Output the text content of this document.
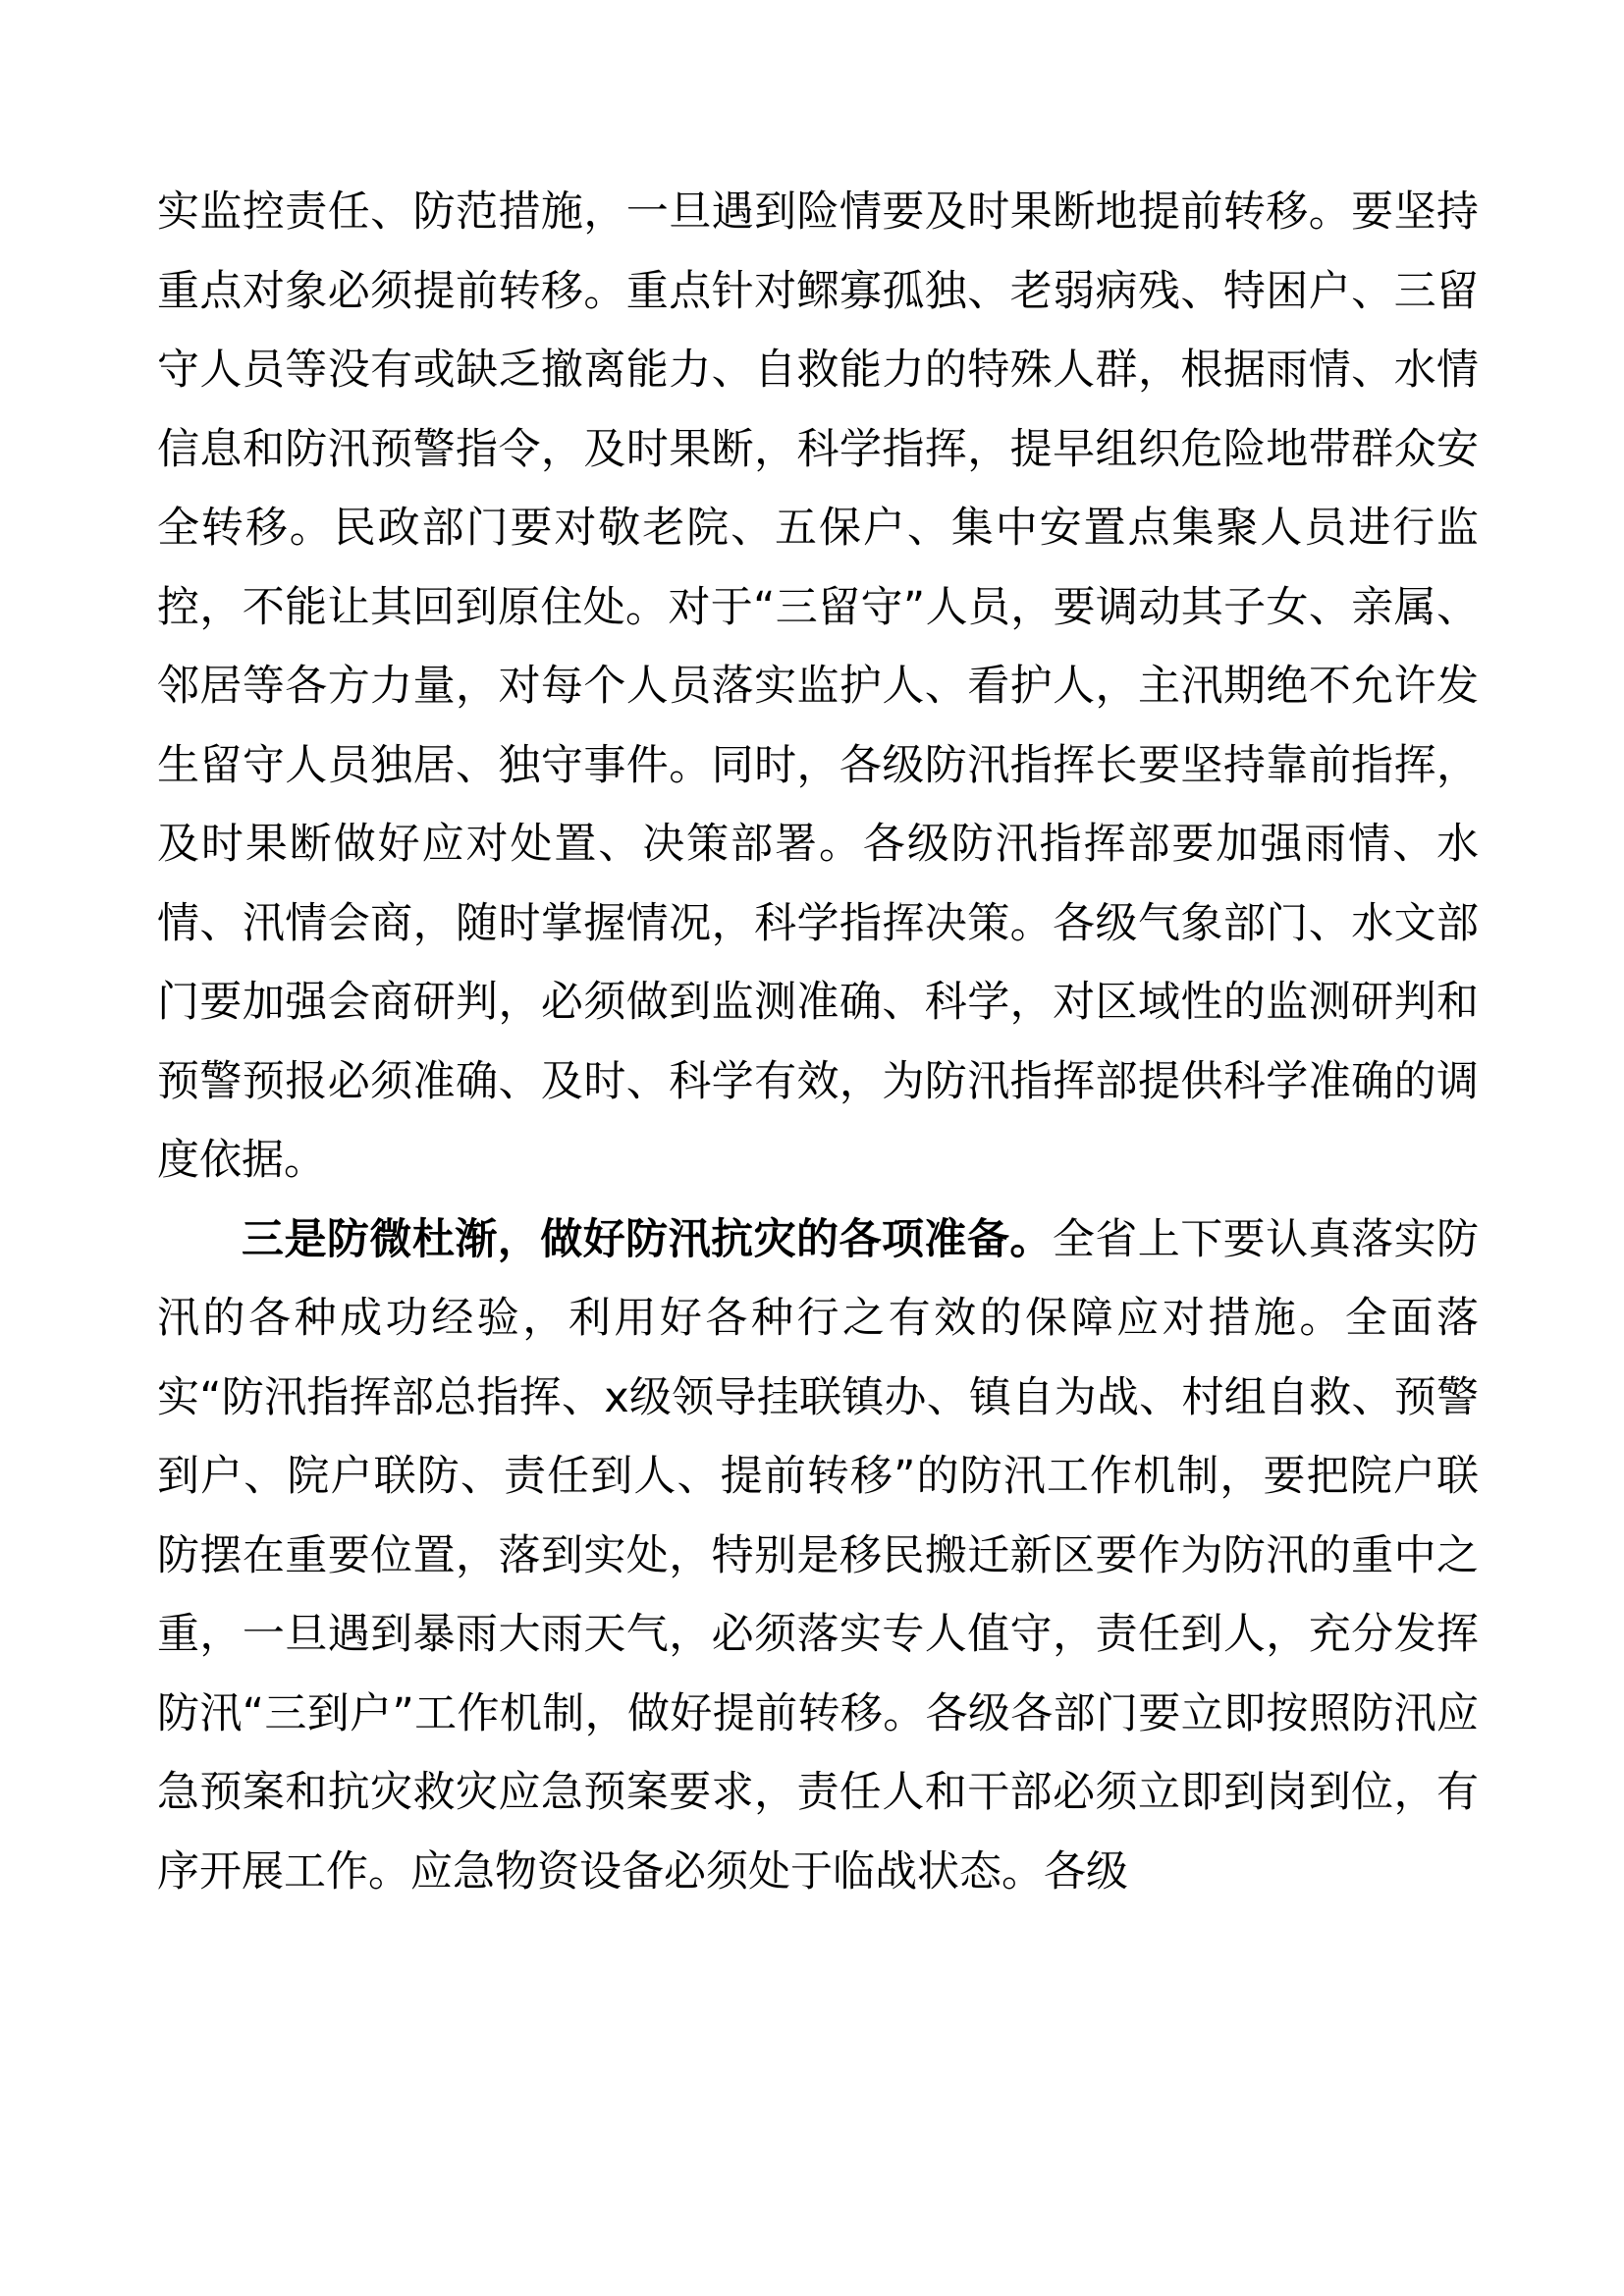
实监控责任、防范措施，一旦遇到险情要及时果断地提前转移。要坚持重点对象必须提前转移。重点针对鳏寡孤独、老弱病残、特困户、三留守人员等没有或缺乏撤离能力、自救能力的特殊人群，根据雨情、水情信息和防汛预警指令，及时果断，科学指挥，提早组织危险地带群众安全转移。民政部门要对敬老院、五保户、集中安置点集聚人员进行监控，不能让其回到原住处。对于“三留守”人员，要调动其子女、亲属、邻居等各方力量，对每个人员落实监护人、看护人，主汛期绝不允许发生留守人员独居、独守事件。同时，各级防汛指挥长要坚持靠前指挥，及时果断做好应对处置、决策部署。各级防汛指挥部要加强雨情、水情、汛情会商，随时掌握情况，科学指挥决策。各级气象部门、水文部门要加强会商研判，必须做到监测准确、科学，对区域性的监测研判和预警预报必须准确、及时、科学有效，为防汛指挥部提供科学准确的调度依据。

三是防微杜渐，做好防汛抗灾的各项准备。全省上下要认真落实防汛的各种成功经验，利用好各种行之有效的保障应对措施。全面落实“防汛指挥部总指挥、x级领导挂联镇办、镇自为战、村组自救、预警到户、院户联防、责任到人、提前转移”的防汛工作机制，要把院户联防摆在重要位置，落到实处，特别是移民搬迁新区要作为防汛的重中之重，一旦遇到暴雨大雨天气，必须落实专人值守，责任到人，充分发挥防汛“三到户”工作机制，做好提前转移。各级各部门要立即按照防汛应急预案和抗灾救灾应急预案要求，责任人和干部必须立即到岗到位，有序开展工作。应急物资设备必须处于临战状态。各级
